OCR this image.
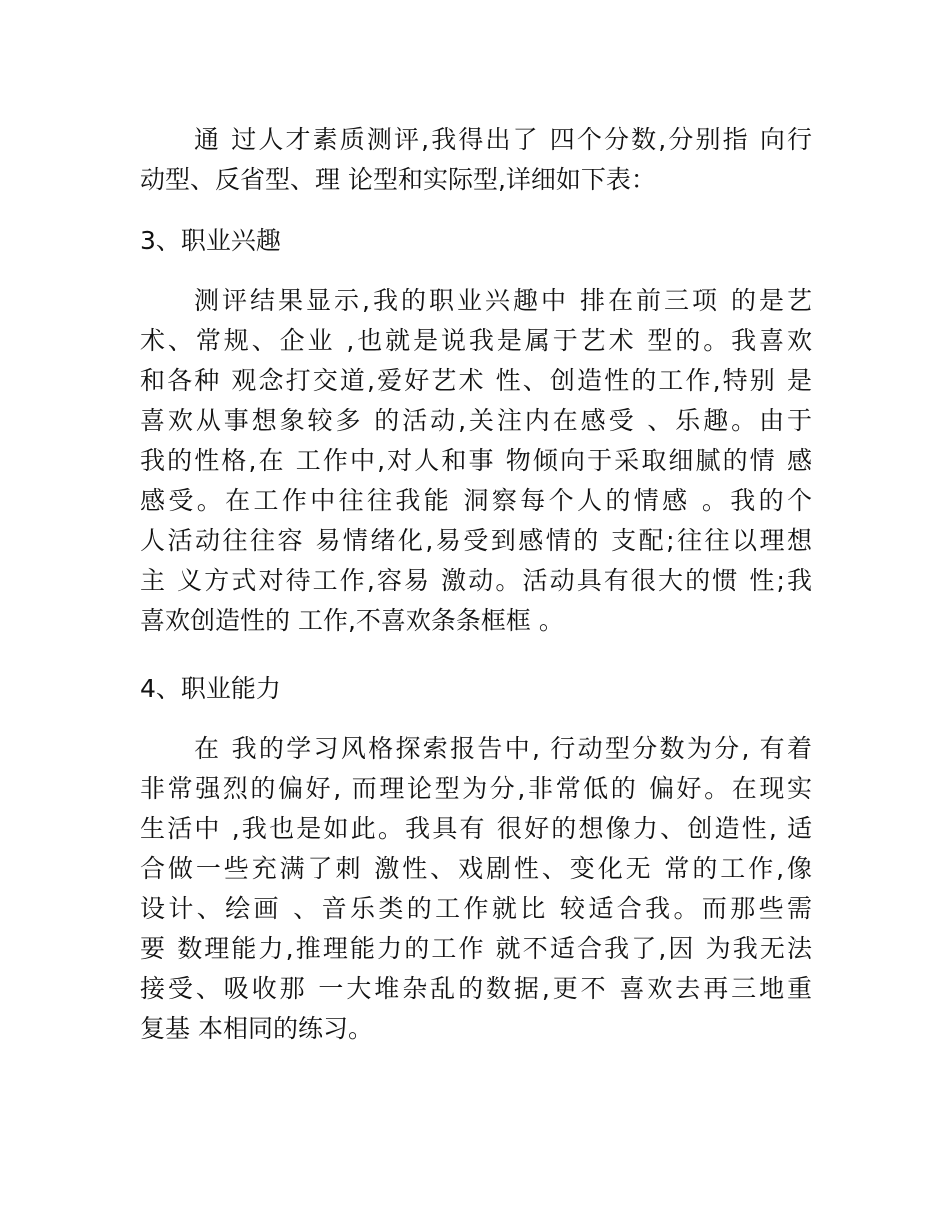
通 过人才素质测评,我得出了 四个分数,分别指 向行
动型、反省型、理 论型和实际型,详细如下表：
3、职业兴趣
测评结果显示,我的职业兴趣中 排在前三项 的是艺
术、常规、企业 ,也就是说我是属于艺术 型的。我喜欢
和各种 观念打交道,爱好艺术 性、创造性的工作,特别 是
喜欢从事想象较多 的活动,关注内在感受 、乐趣。由于
我的性格,在 工作中,对人和事 物倾向于采取细腻的情 感
感受。在工作中往往我能 洞察每个人的情感 。我的个
人活动往往容 易情绪化,易受到感情的 支配;往往以理想
主 义方式对待工作,容易 激动。活动具有很大的惯 性;我
喜欢创造性的 工作,不喜欢条条框框 。
4、职业能力
在 我的学习风格探索报告中, 行动型分数为分, 有着
非常强烈的偏好, 而理论型为分,非常低的 偏好。在现实
生活中 ,我也是如此。我具有 很好的想像力、创造性, 适
合做一些充满了刺 激性、戏剧性、变化无 常的工作,像
设计、绘画 、音乐类的工作就比 较适合我。而那些需
要 数理能力,推理能力的工作 就不适合我了,因 为我无法
接受、吸收那 一大堆杂乱的数据,更不 喜欢去再三地重
复基 本相同的练习。
